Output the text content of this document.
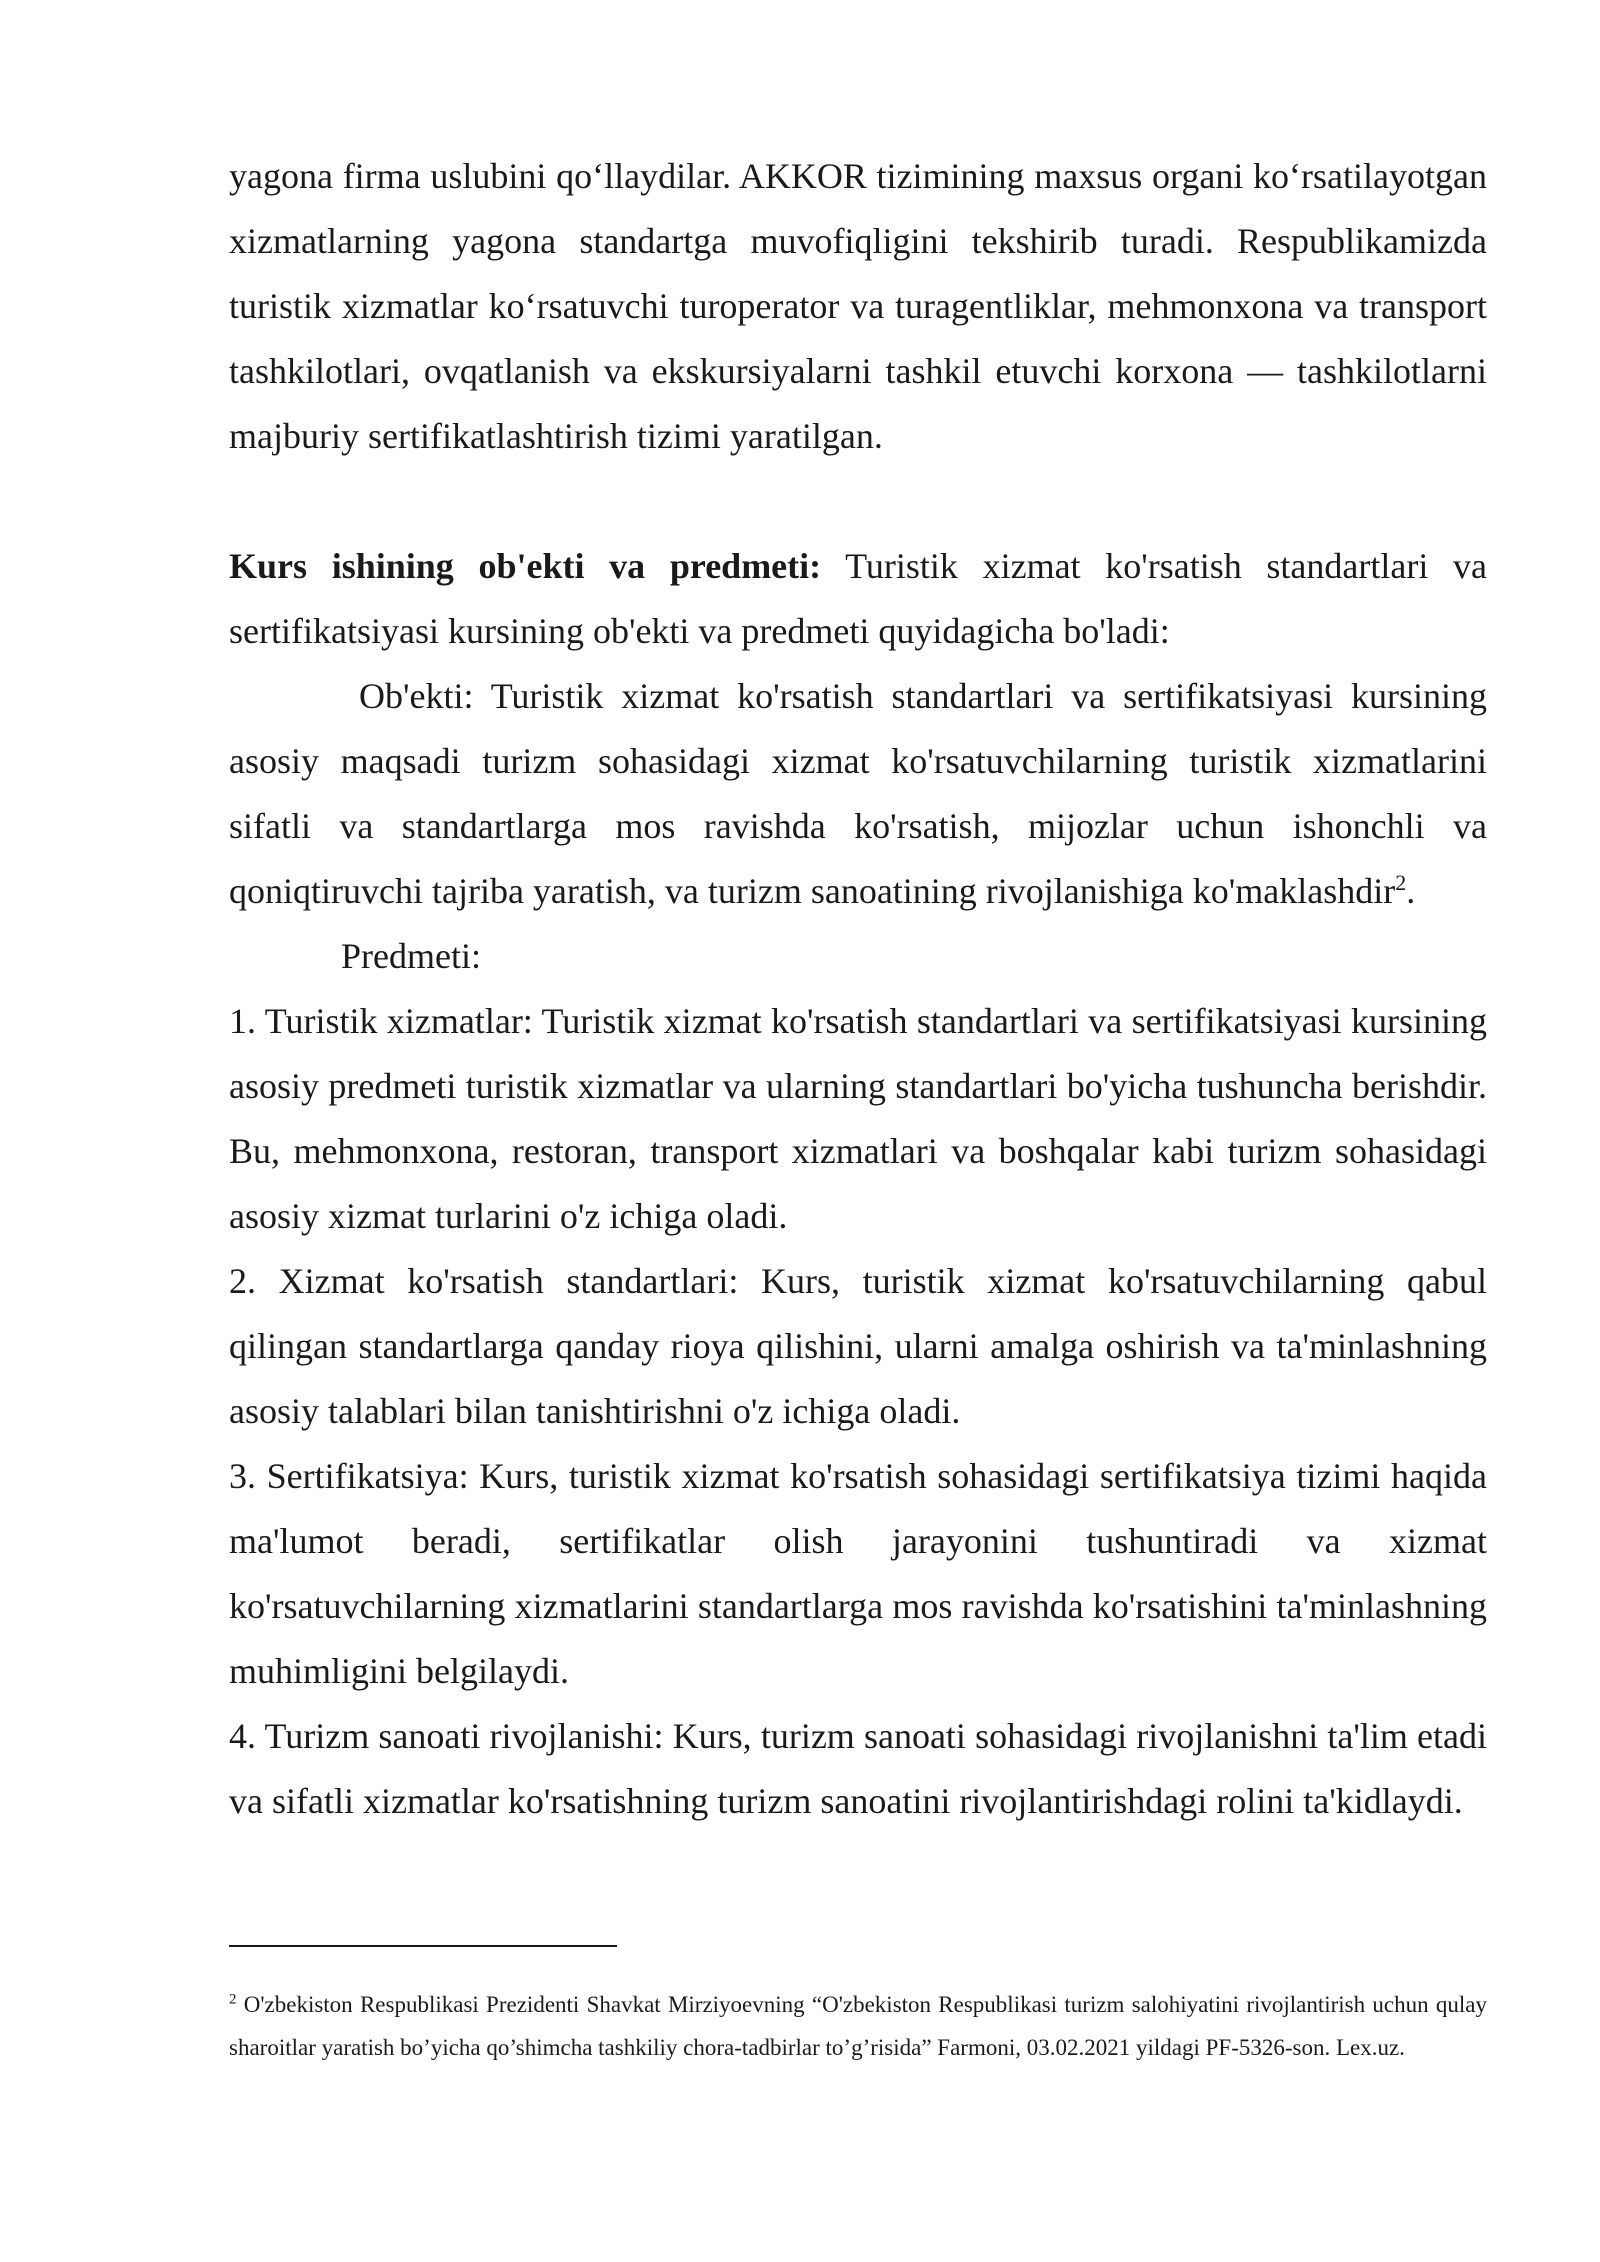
yagona firma uslubini qo‘llaydilar. AKKOR tizimining maxsus organi ko‘rsatilayotgan xizmatlarning yagona standartga muvofiqligini tekshirib turadi. Respublikamizda turistik xizmatlar ko‘rsatuvchi turoperator va turagentliklar, mehmonxona va transport tashkilotlari, ovqatlanish va ekskursiyalarni tashkil etuvchi korxona — tashkilotlarni majburiy sertifikatlashtirish tizimi yaratilgan.

Kurs ishining ob'ekti va predmeti: Turistik xizmat ko'rsatish standartlari va sertifikatsiyasi kursining ob'ekti va predmeti quyidagicha bo'ladi:

Ob'ekti: Turistik xizmat ko'rsatish standartlari va sertifikatsiyasi kursining asosiy maqsadi turizm sohasidagi xizmat ko'rsatuvchilarning turistik xizmatlarini sifatli va standartlarga mos ravishda ko'rsatish, mijozlar uchun ishonchli va qoniqtiruvchi tajriba yaratish, va turizm sanoatining rivojlanishiga ko'maklashdir$^2$.

Predmeti:

1. Turistik xizmatlar: Turistik xizmat ko'rsatish standartlari va sertifikatsiyasi kursining asosiy predmeti turistik xizmatlar va ularning standartlari bo'yicha tushuncha berishdir. Bu, mehmonxona, restoran, transport xizmatlari va boshqalar kabi turizm sohasidagi asosiy xizmat turlarini o'z ichiga oladi.

2. Xizmat ko'rsatish standartlari: Kurs, turistik xizmat ko'rsatuvchilarning qabul qilingan standartlarga qanday rioya qilishini, ularni amalga oshirish va ta'minlashning asosiy talablari bilan tanishtirishni o'z ichiga oladi.

3. Sertifikatsiya: Kurs, turistik xizmat ko'rsatish sohasidagi sertifikatsiya tizimi haqida ma'lumot beradi, sertifikatlar olish jarayonini tushuntiradi va xizmat ko'rsatuvchilarning xizmatlarini standartlarga mos ravishda ko'rsatishini ta'minlashning muhimligini belgilaydi.

4. Turizm sanoati rivojlanishi: Kurs, turizm sanoati sohasidagi rivojlanishni ta'lim etadi va sifatli xizmatlar ko'rsatishning turizm sanoatini rivojlantirishdagi rolini ta'kidlaydi.

$^2$ O'zbekiston Respublikasi Prezidenti Shavkat Mirziyoevning “O'zbekiston Respublikasi turizm salohiyatini rivojlantirish uchun qulay sharoitlar yaratish bo’yicha qo’shimcha tashkiliy chora-tadbirlar to’g’risida” Farmoni, 03.02.2021 yildagi PF-5326-son. Lex.uz.
